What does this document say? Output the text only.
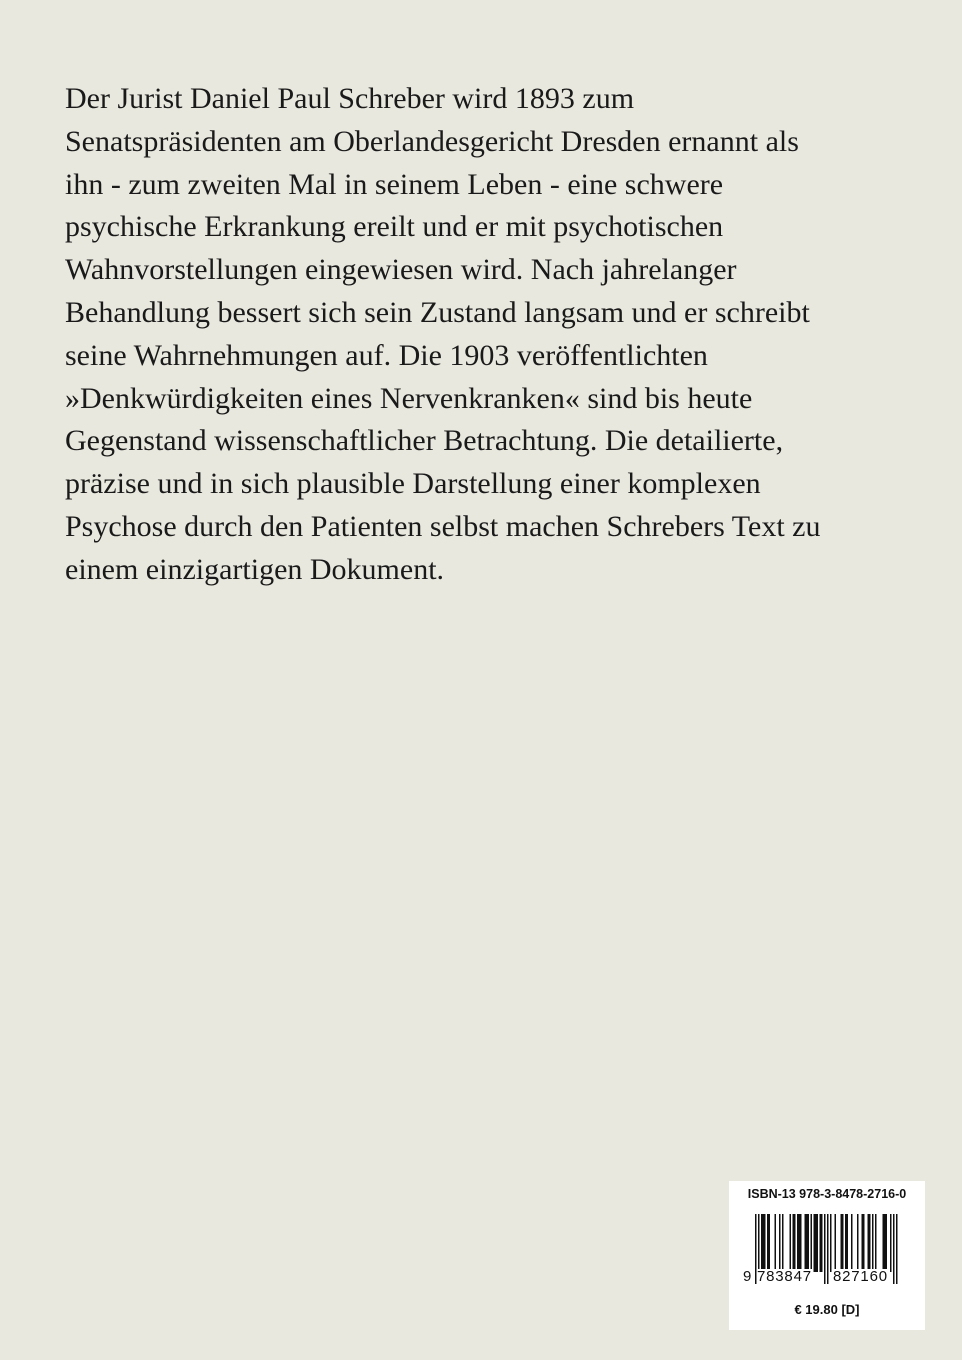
Der Jurist Daniel Paul Schreber wird 1893 zum
Senatspräsidenten am Oberlandesgericht Dresden ernannt als
ihn - zum zweiten Mal in seinem Leben - eine schwere
psychische Erkrankung ereilt und er mit psychotischen
Wahnvorstellungen eingewiesen wird. Nach jahrelanger
Behandlung bessert sich sein Zustand langsam und er schreibt
seine Wahrnehmungen auf. Die 1903 veröffentlichten
»Denkwürdigkeiten eines Nervenkranken« sind bis heute
Gegenstand wissenschaftlicher Betrachtung. Die detailierte,
präzise und in sich plausible Darstellung einer komplexen
Psychose durch den Patienten selbst machen Schrebers Text zu
einem einzigartigen Dokument.
ISBN-13 978-3-8478-2716-0
9 783847 827160
€ 19.80 [D]
